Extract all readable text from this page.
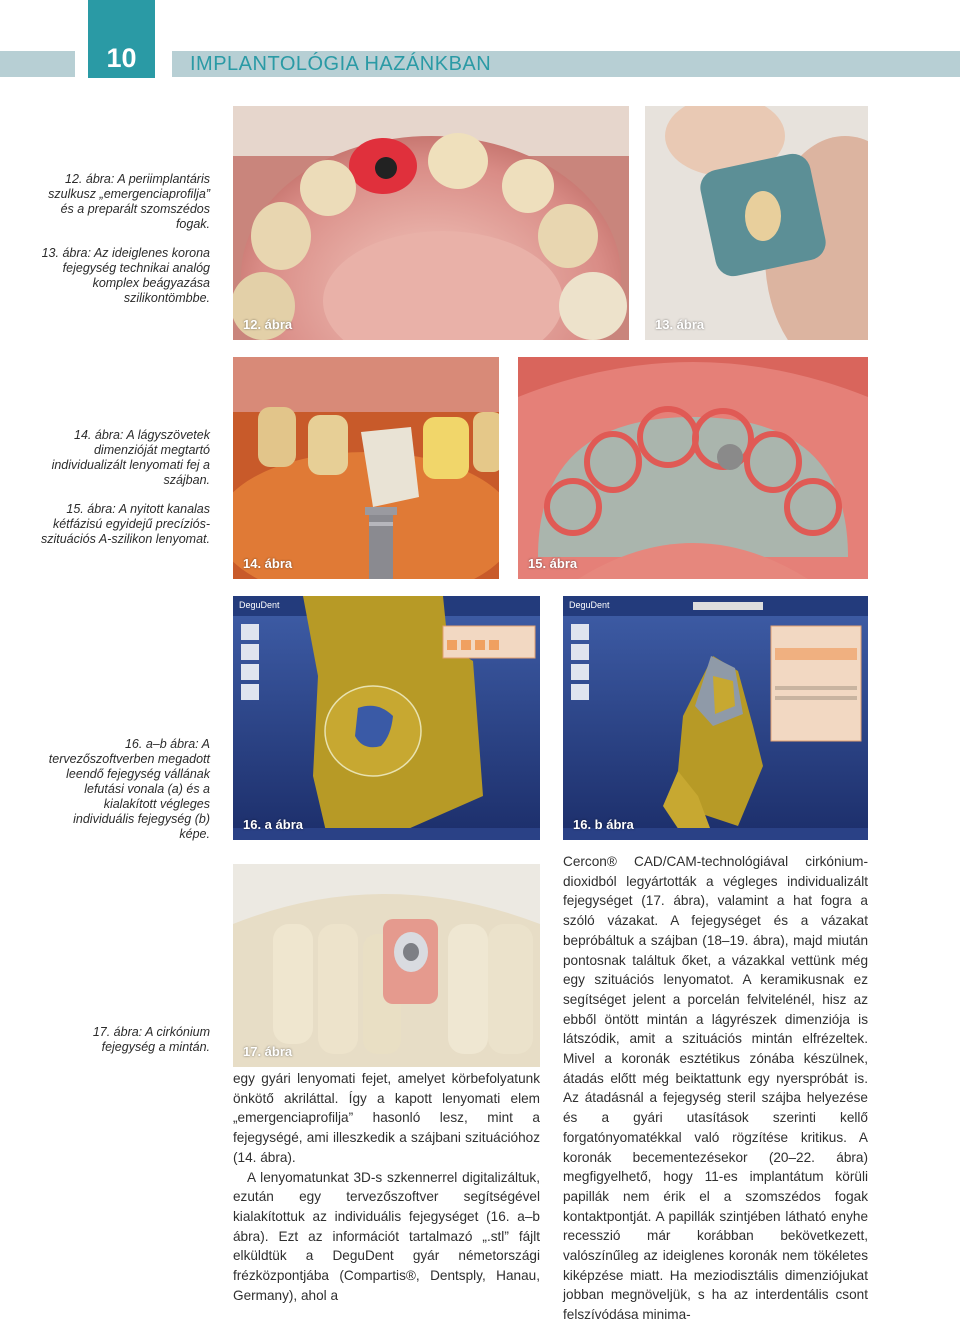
10	IMPLANTOLÓGIA HAZÁNKBAN

12. ábra: A periimplantáris szulkusz „emergenciaprofilja” és a preparált szomszédos fogak.

13. ábra: Az ideiglenes korona fejegység technikai analóg komplex beágyazása szilikontömbbe.

14. ábra: A lágyszövetek dimenzióját megtartó individualizált lenyomati fej a szájban.

15. ábra: A nyitott kanalas kétfázisú egyidejű precíziós-szituációs A-szilikon lenyomat.

16. a–b ábra: A tervezőszoftverben megadott leendő fejegység vállának lefutási vonala (a) és a kialakított végleges individuális fejegység (b) képe.
17. ábra: A cirkónium fejegység a mintán.
12. ábra	13. ábra
14. ábra	15. ábra
DeguDent
16. a ábra
DeguDent
16. b ábra
17. ábra

egy gyári lenyomati fejet, amelyet körbefolyatunk önkötő akriláttal. Így a kapott lenyomati elem „emergenciaprofilja” hasonló lesz, mint a fejegységé, ami illeszkedik a szájbani szituációhoz (14. ábra).

A lenyomatunkat 3D-s szkennerrel digitalizáltuk, ezután egy tervezőszoftver segítségével kialakítottuk az individuális fejegységet (16. a–b ábra). Ezt az információt tartalmazó „.stl” fájlt elküldtük a DeguDent gyár németországi frézközpontjába (Compartis®, Dentsply, Hanau, Germany), ahol a

Cercon® CAD/CAM-technológiával cirkónium-dioxidból legyártották a végleges individualizált fejegységet (17. ábra), valamint a hat fogra a szóló vázakat. A fejegységet és a vázakat bepróbáltuk a szájban (18–19. ábra), majd miután pontosnak találtuk őket, a vázakkal vettünk még egy szituációs lenyomatot. A keramikusnak ez segítséget jelent a porcelán felvitelénél, hisz az ebből öntött mintán a lágyrészek dimenziója is látszódik, amit a szituációs mintán elfrézeltek. Mivel a koronák esztétikus zónába készülnek, átadás előtt még beiktattunk egy nyerspróbát is. Az átadásnál a fejegység steril szájba helyezése és a gyári utasítások szerinti kellő forgatónyomatékkal való rögzítése kritikus. A koronák becementezésekor (20–22. ábra) megfigyelhető, hogy 11-es implantátum körüli papillák nem érik el a szomszédos fogak kontaktpontját. A papillák szintjében látható enyhe recesszió már korábban bekövetkezett, valószínűleg az ideiglenes koronák nem tökéletes kiképzése miatt. Ha meziodisztális dimenziójukat jobban megnöveljük, s ha az interdentális csont felszívódása minima-
